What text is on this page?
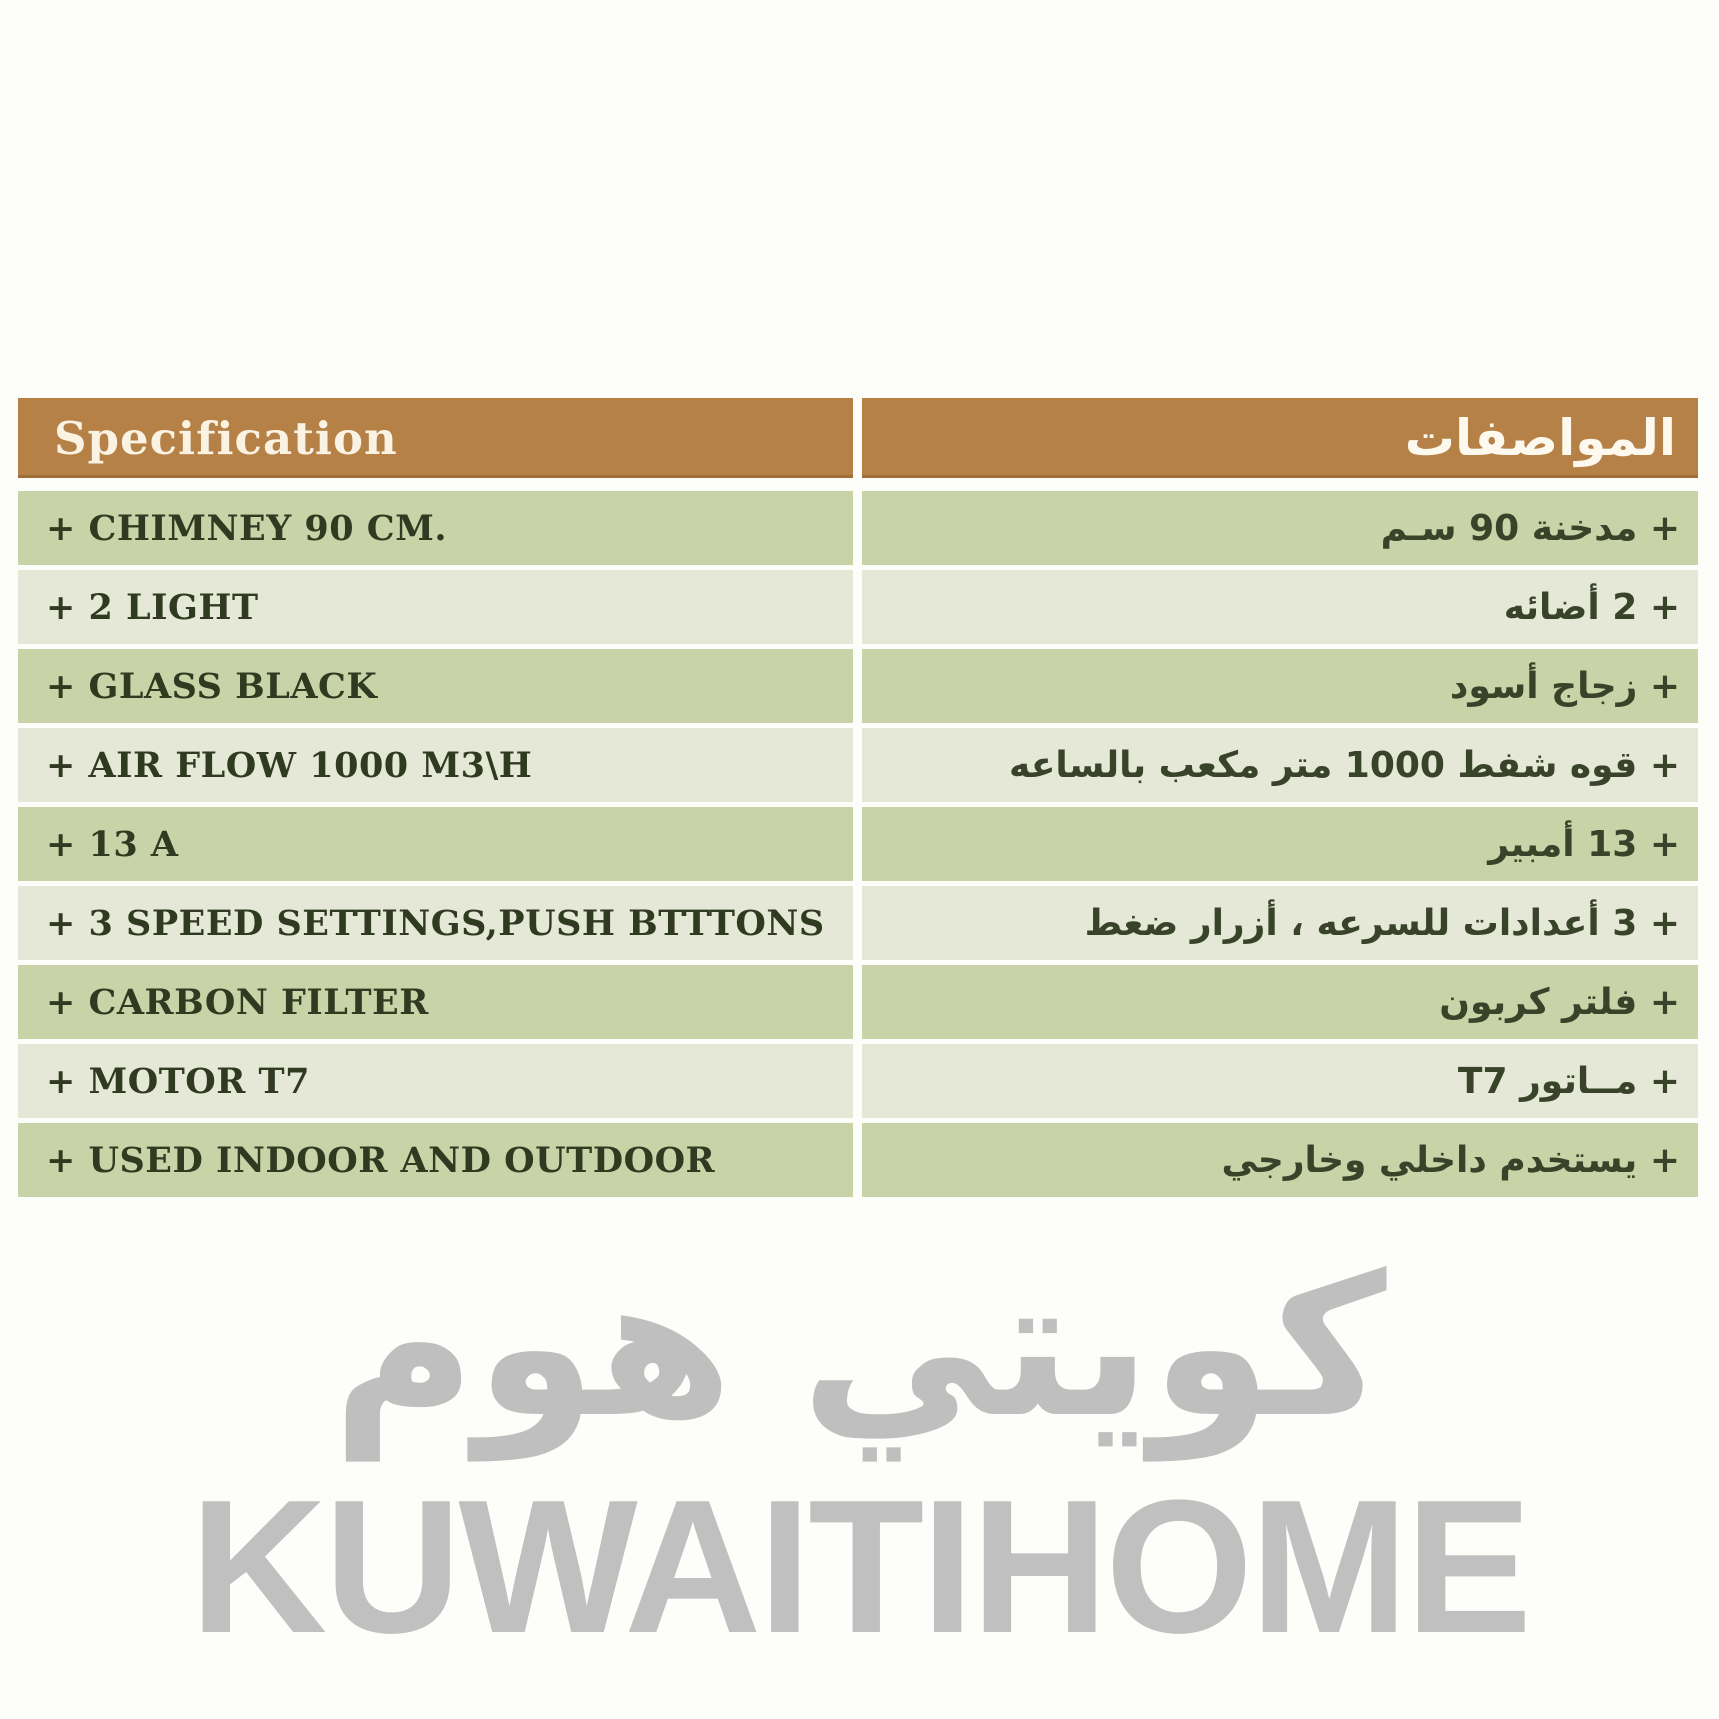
Specification	المواصفات
+ CHIMNEY 90 CM.	+ مدخنة 90 سـم
+ 2 LIGHT	+ 2 أضائه
+ GLASS BLACK	+ زجاج أسود
+ AIR FLOW 1000 M3\H	+ قوه شفط 1000 متر مكعب بالساعه
+ 13 A	+ 13 أمبير
+ 3 SPEED SETTINGS,PUSH BTTTONS	+ 3 أعدادات للسرعه ، أزرار ضغط
+ CARBON FILTER	+ فلتر كربون
+ MOTOR T7	+ مــاتور T7
+ USED INDOOR AND OUTDOOR	+ يستخدم داخلي وخارجي
كويتي هوم
KUWAITIHOME
